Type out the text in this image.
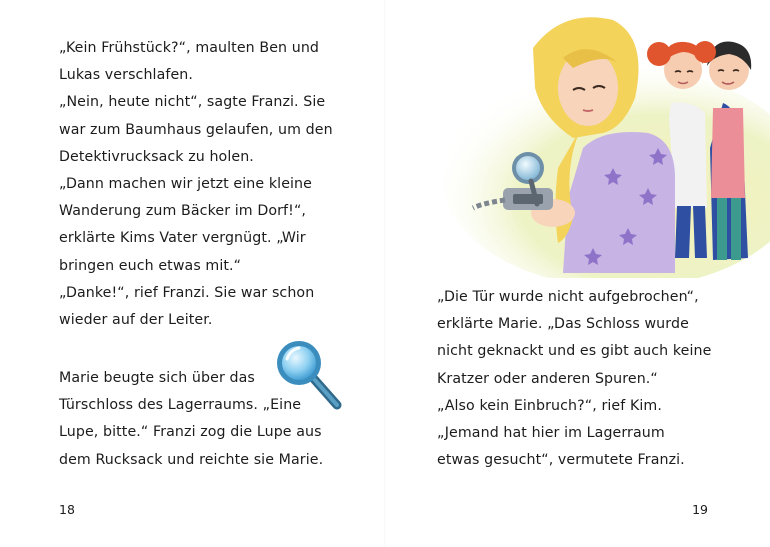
„Kein Frühstück?“, maulten Ben und
Lukas verschlafen.
„Nein, heute nicht“, sagte Franzi. Sie
war zum Baumhaus gelaufen, um den
Detektivrucksack zu holen.
„Dann machen wir jetzt eine kleine
Wanderung zum Bäcker im Dorf!“,
erklärte Kims Vater vergnügt. „Wir
bringen euch etwas mit.“
„Danke!“, rief Franzi. Sie war schon
wieder auf der Leiter.
Marie beugte sich über das
Türschloss des Lagerraums. „Eine
Lupe, bitte.“ Franzi zog die Lupe aus
dem Rucksack und reichte sie Marie.
18
„Die Tür wurde nicht aufgebrochen“,
erklärte Marie. „Das Schloss wurde
nicht geknackt und es gibt auch keine
Kratzer oder anderen Spuren.“
„Also kein Einbruch?“, rief Kim.
„Jemand hat hier im Lagerraum
etwas gesucht“, vermutete Franzi.
19
